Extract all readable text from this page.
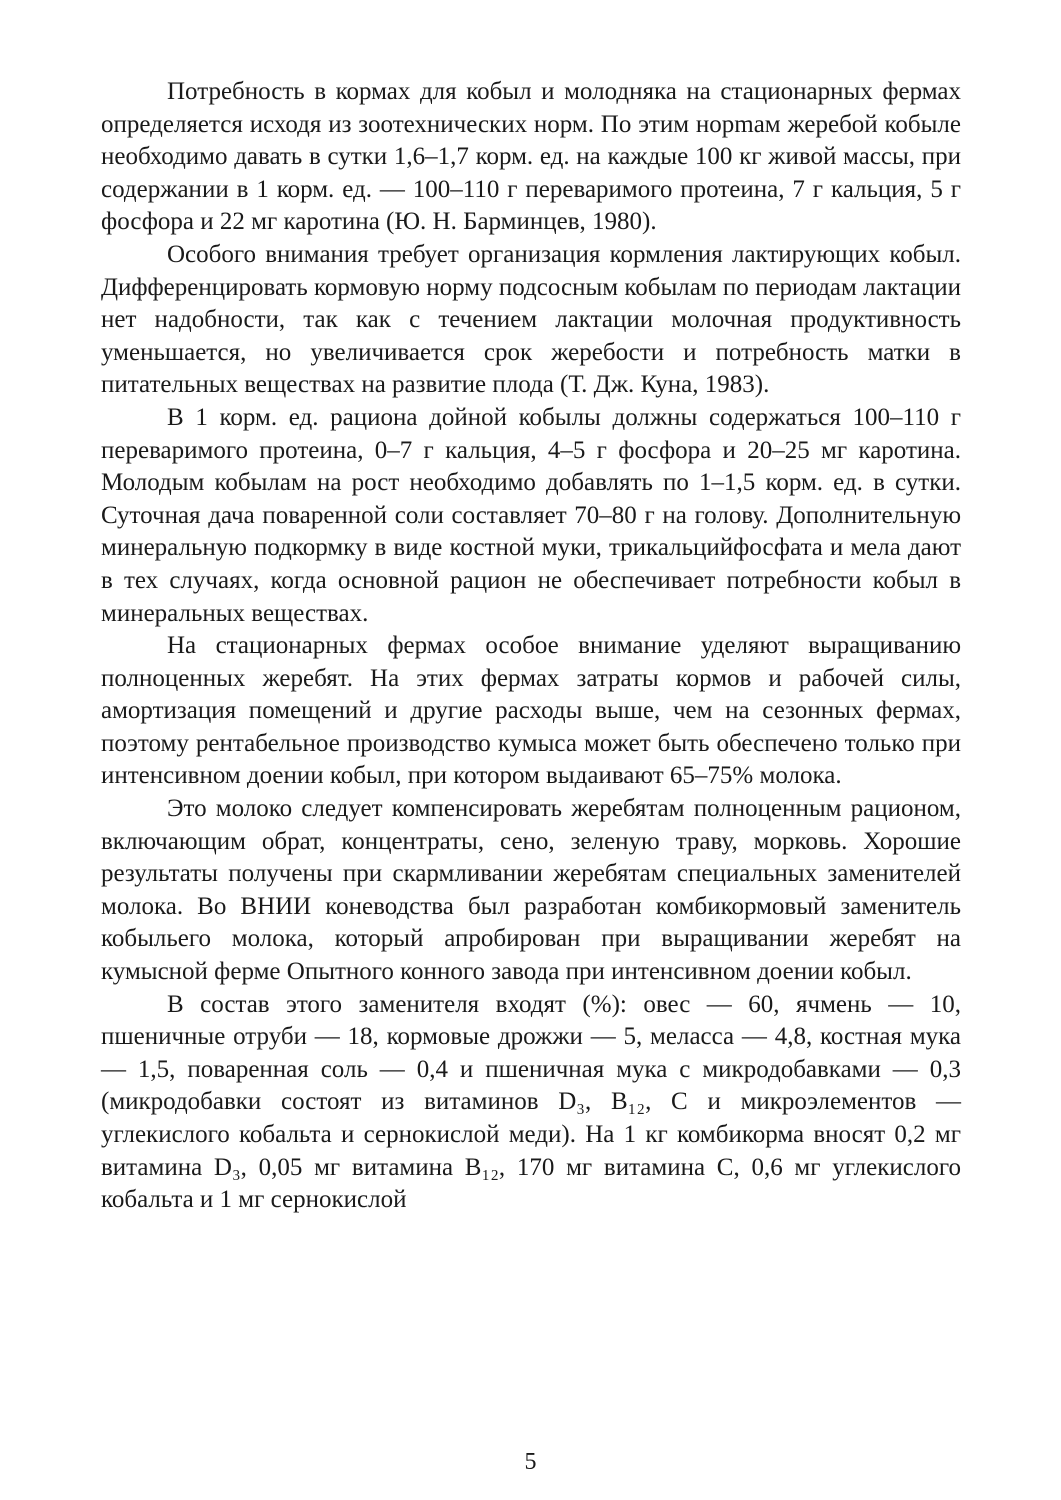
Потребность в кормах для кобыл и молодняка на стационарных фермах определяется исходя из зоотехнических норм. По этим норmам жеребой кобыле необходимо давать в сутки 1,6–1,7 корм. ед. на каждые 100 кг живой массы, при содержании в 1 корм. ед. — 100–110 г переваримого протеина, 7 г кальция, 5 г фосфора и 22 мг каротина (Ю. Н. Барминцев, 1980).

Особого внимания требует организация кормления лактирующих кобыл. Дифференцировать кормовую норму подсосным кобылам по периодам лактации нет надобности, так как с течением лактации молочная продуктивность уменьшается, но увеличивается срок жеребости и потребность матки в питательных веществах на развитие плода (Т. Дж. Куна, 1983).

В 1 корм. ед. рациона дойной кобылы должны содержаться 100–110 г переваримого протеина, 0–7 г кальция, 4–5 г фосфора и 20–25 мг каротина. Молодым кобылам на рост необходимо добавлять по 1–1,5 корм. ед. в сутки. Суточная дача поваренной соли составляет 70–80 г на голову. Дополнительную минеральную подкормку в виде костной муки, трикальцийфосфата и мела дают в тех случаях, когда основной рацион не обеспечивает потребности кобыл в минеральных веществах.

На стационарных фермах особое внимание уделяют выращиванию полноценных жеребят. На этих фермах затраты кормов и рабочей силы, амортизация помещений и другие расходы выше, чем на сезонных фермах, поэтому рентабельное производство кумыса может быть обеспечено только при интенсивном доении кобыл, при котором выдаивают 65–75% молока.

Это молоко следует компенсировать жеребятам полноценным рационом, включающим обрат, концентраты, сено, зеленую траву, морковь. Хорошие результаты получены при скармливании жеребятам специальных заменителей молока. Во ВНИИ коневодства был разработан комбикормовый заменитель кобыльего молока, который апробирован при выращивании жеребят на кумысной ферме Опытного конного завода при интенсивном доении кобыл.

В состав этого заменителя входят (%): овес — 60, ячмень — 10, пшеничные отруби — 18, кормовые дрожжи — 5, меласса — 4,8, костная мука — 1,5, поваренная соль — 0,4 и пшеничная мука с микродобавками — 0,3 (микродобавки состоят из витаминов D₃, B₁₂, С и микроэлементов — углекислого кобальта и сернокислой меди). На 1 кг комбикорма вносят 0,2 мг витамина D₃, 0,05 мг витамина B₁₂, 170 мг витамина С, 0,6 мг углекислого кобальта и 1 мг сернокислой

5
